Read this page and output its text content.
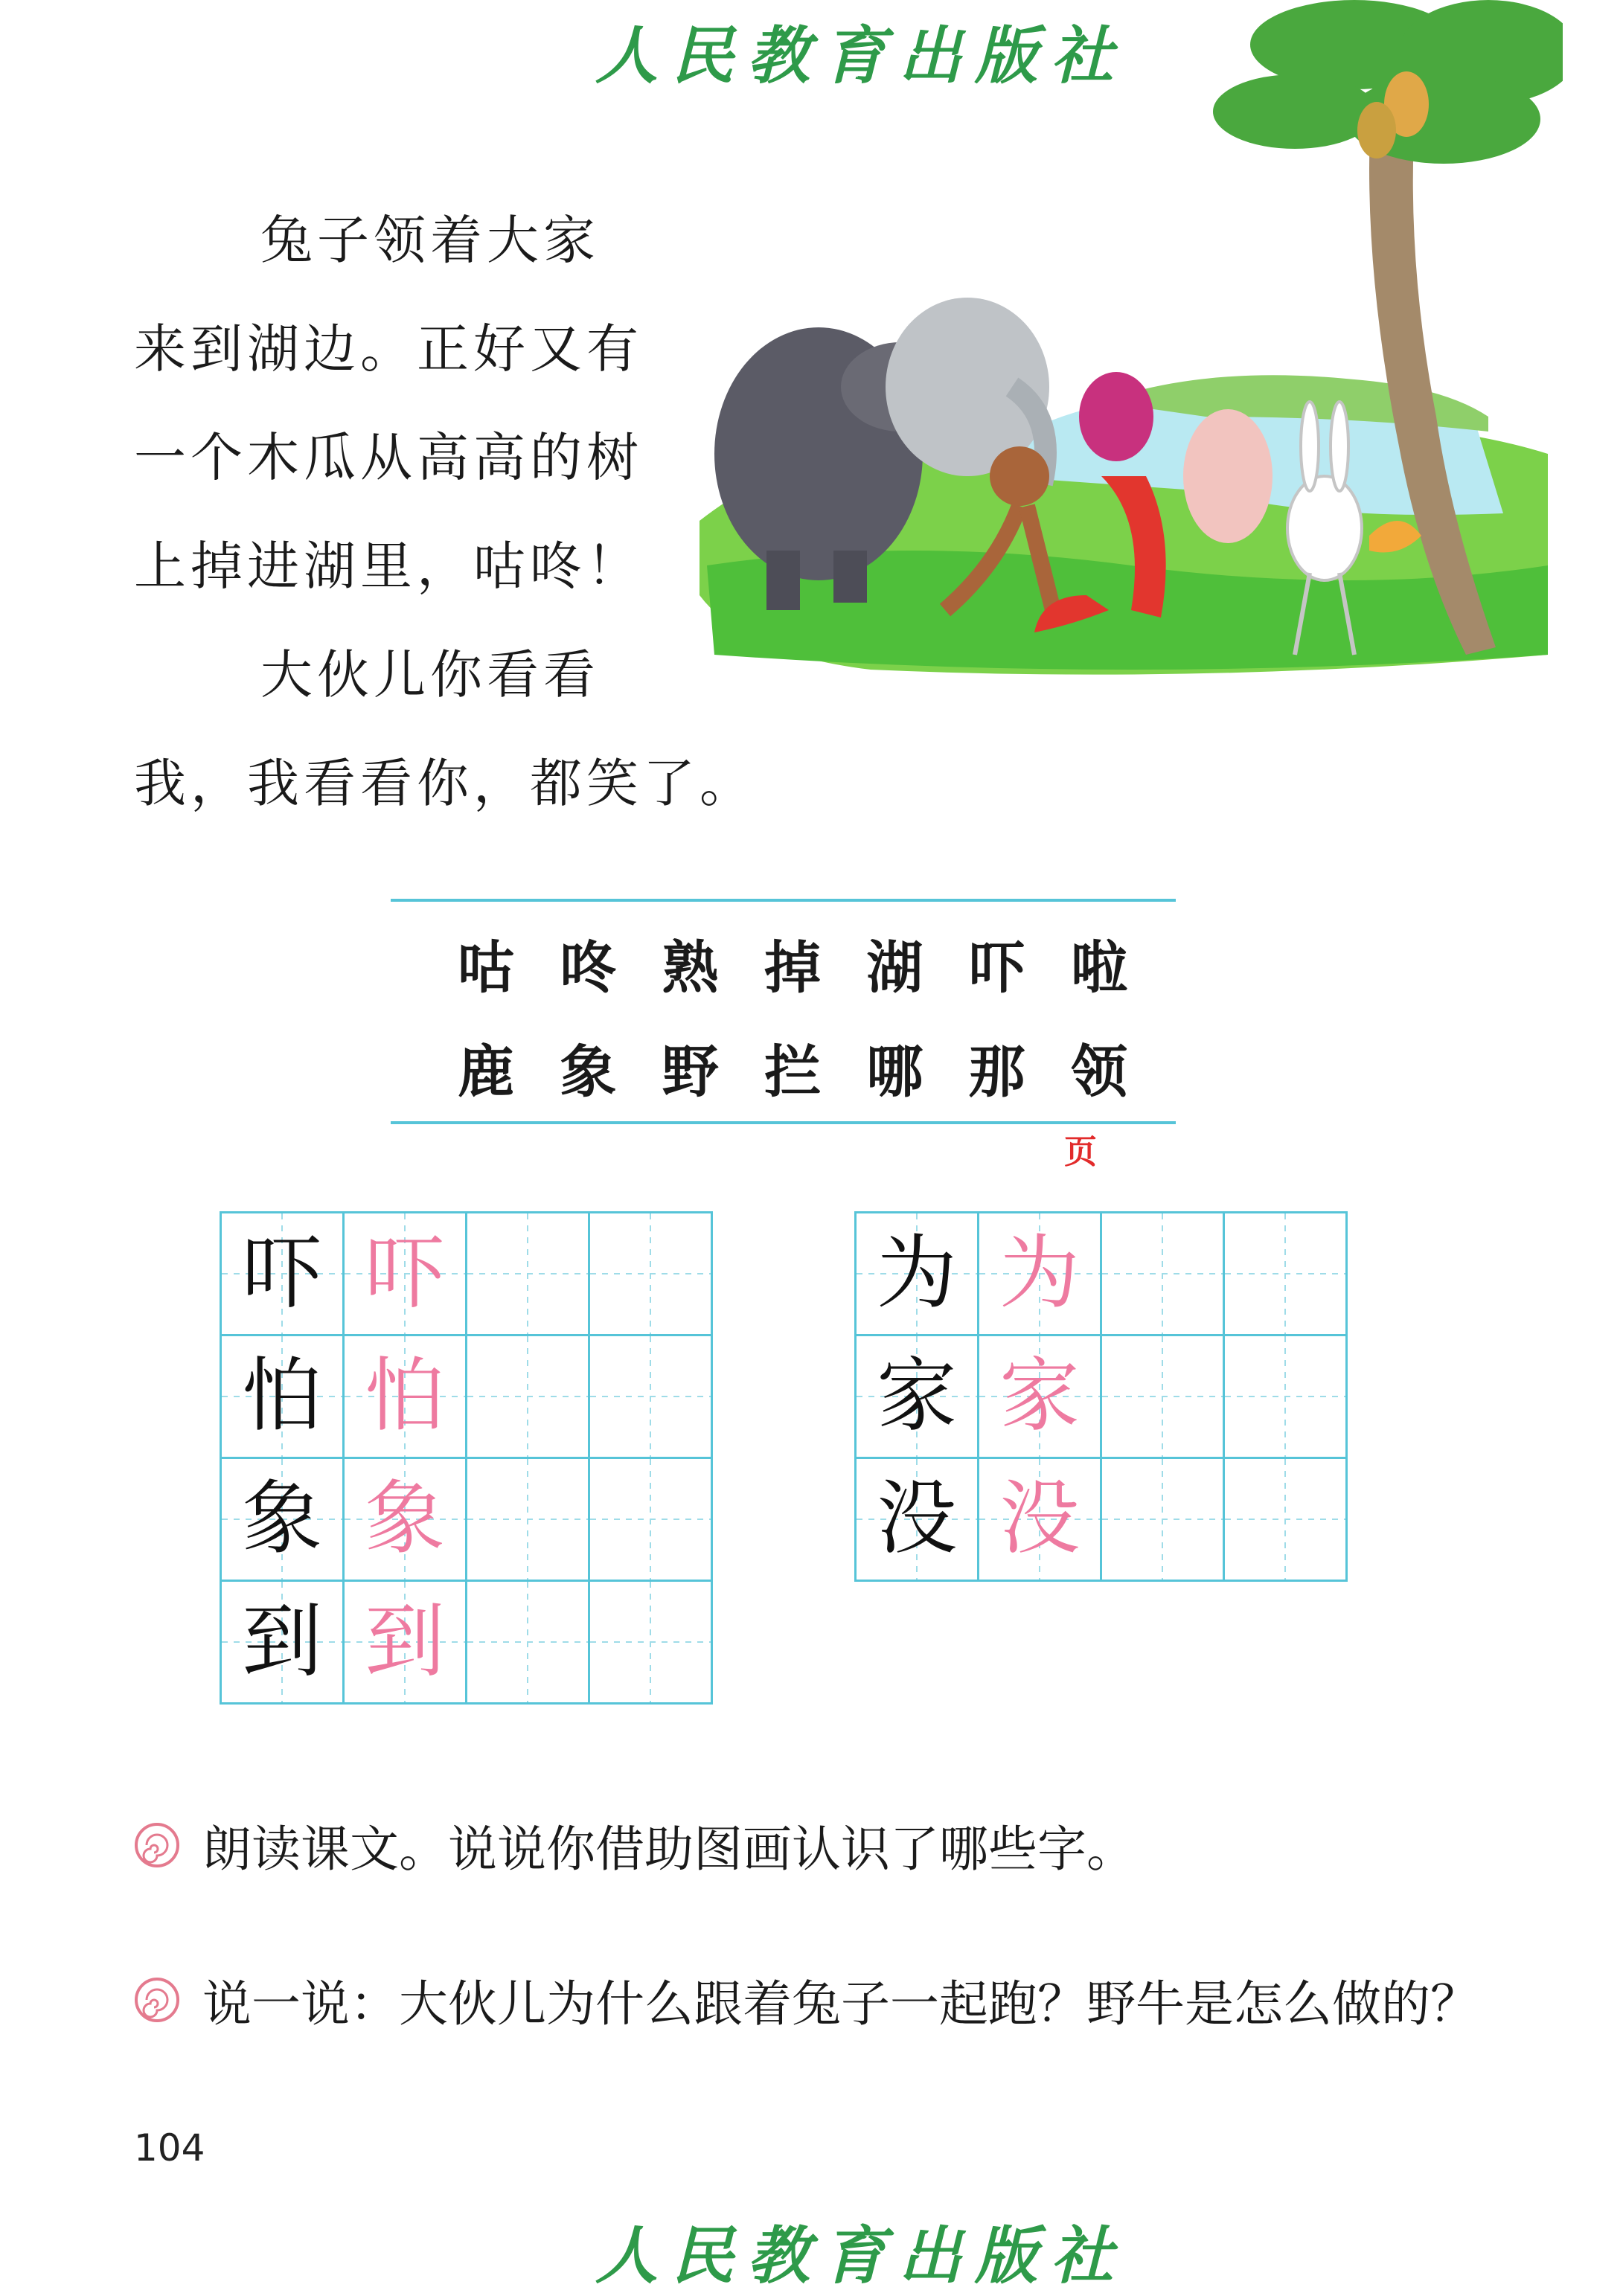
人民教育出版社
兔子领着大家
来到湖边。正好又有
一个木瓜从高高的树
上掉进湖里，咕咚！
大伙儿你看看
我，我看看你，都笑了。
咕 咚 熟 掉 湖 吓 啦
鹿 象 野 拦 哪 那 领
页
吓	吓		

怕	怕		

象	象		

到	到		

为	为		

家	家		

没	没		

朗读课文。说说你借助图画认识了哪些字。
说一说：大伙儿为什么跟着兔子一起跑？野牛是怎么做的？
104
人民教育出版社
